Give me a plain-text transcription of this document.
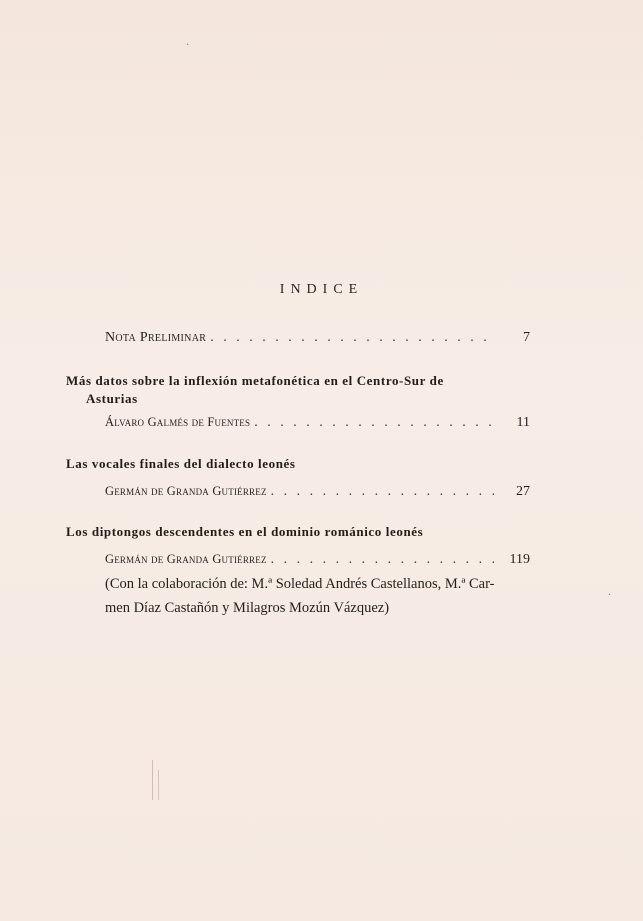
INDICE
Nota Preliminar . . .	7
Más datos sobre la inflexión metafonética en el Centro-Sur de
Asturias
Álvaro Galmés de Fuentes . . .	11
Las vocales finales del dialecto leonés
Germán de Granda Gutiérrez . . .	27
Los diptongos descendentes en el dominio románico leonés
Germán de Granda Gutiérrez . . .	119
(Con la colaboración de: M.ª Soledad Andrés Castellanos, M.ª Car-
men Díaz Castañón y Milagros Mozún Vázquez)
·
·
